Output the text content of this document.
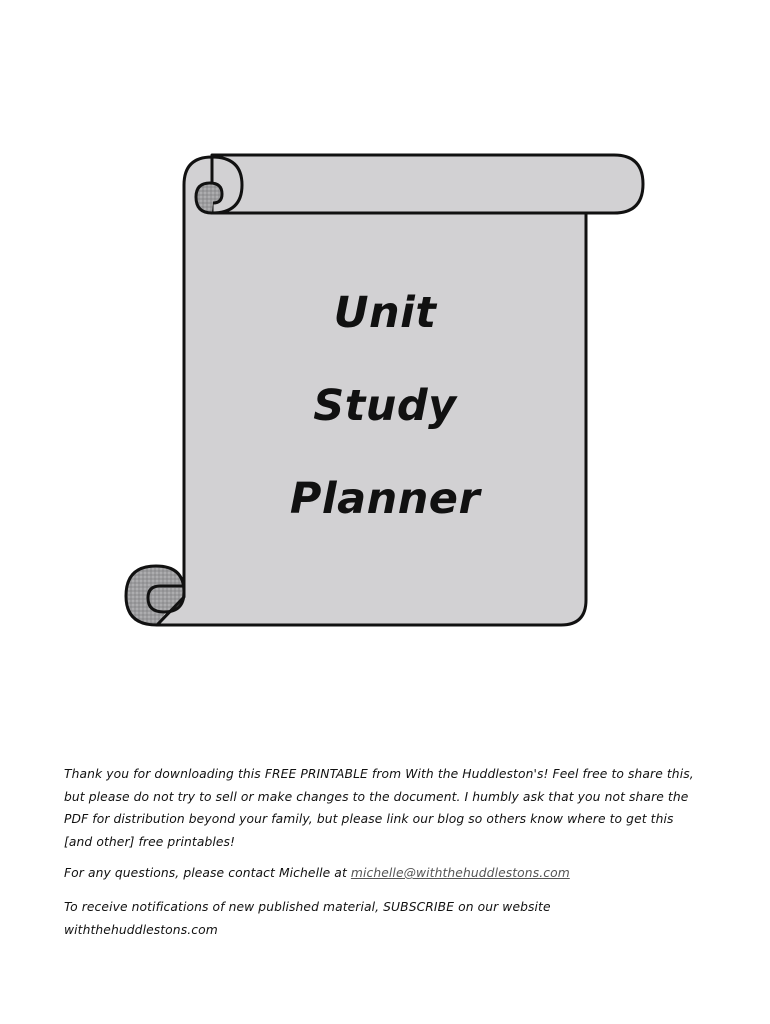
Unit
Study
Planner

Thank you for downloading this FREE PRINTABLE from With the Huddleston's! Feel free to share this, but please do not try to sell or make changes to the document. I humbly ask that you not share the PDF for distribution beyond your family, but please link our blog so others know where to get this [and other] free printables!

For any questions, please contact Michelle at michelle@withthehuddlestons.com

To receive notifications of new published material, SUBSCRIBE on our website withthehuddlestons.com
